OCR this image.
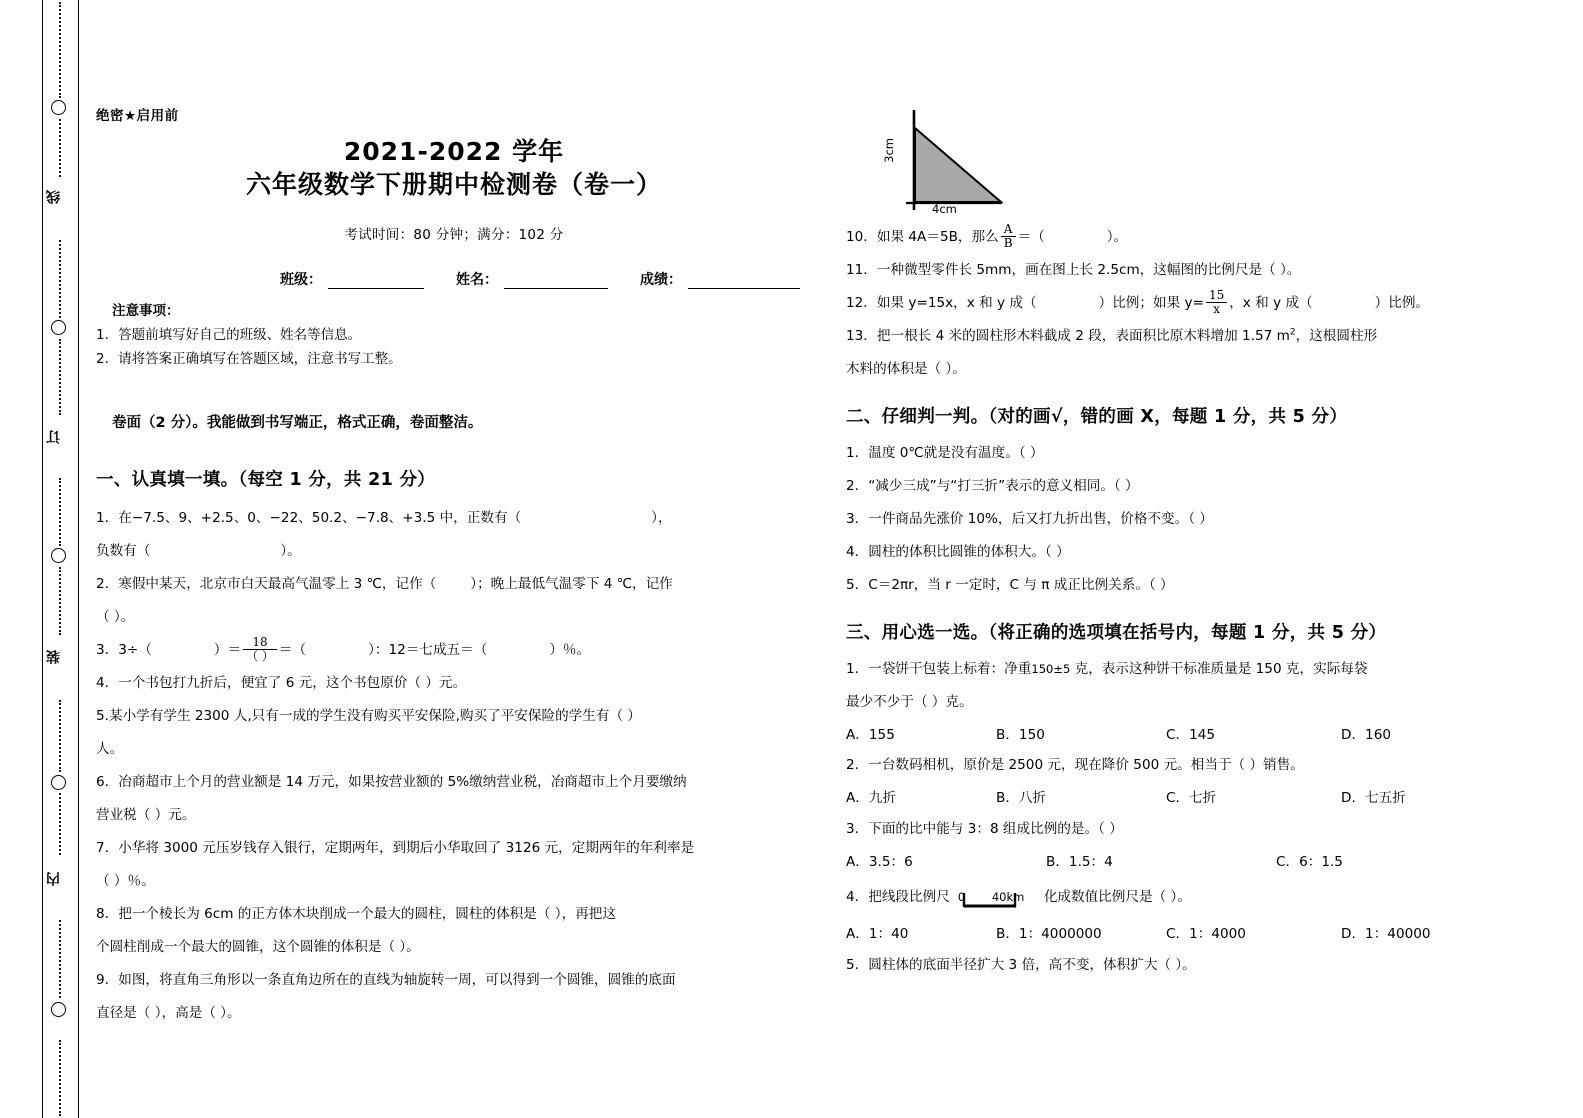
线
订
装
内
绝密★启用前
2021-2022 学年
六年级数学下册期中检测卷（卷一）
考试时间：80 分钟；满分：102 分
班级：	姓名：	成绩：
注意事项：
1．答题前填写好自己的班级、姓名等信息。
2．请将答案正确填写在答题区域，注意书写工整。
卷面（2 分）。我能做到书写端正，格式正确，卷面整洁。
一、认真填一填。（每空 1 分，共 21 分）
1．在−7.5、9、+2.5、0、−22、50.2、−7.8、+3.5 中，正数有（	），
负数有（	）。
2．寒假中某天，北京市白天最高气温零上 3 ℃，记作（	）；晚上最低气温零下 4 ℃，记作
（ ）。
3．3÷（	）＝ $\frac{18}{( )}$ ＝（	）：12＝七成五＝（	）％。
4．一个书包打九折后，便宜了 6 元，这个书包原价（ ）元。
5.某小学有学生 2300 人,只有一成的学生没有购买平安保险,购买了平安保险的学生有（ ）
人。
6．冶商超市上个月的营业额是 14 万元，如果按营业额的 5%缴纳营业税，冶商超市上个月要缴纳
营业税（ ）元。
7．小华将 3000 元压岁钱存入银行，定期两年，到期后小华取回了 3126 元，定期两年的年利率是
（ ）％。
8．把一个棱长为 6cm 的正方体木块削成一个最大的圆柱，圆柱的体积是（ ），再把这
个圆柱削成一个最大的圆锥，这个圆锥的体积是（ ）。
9．如图，将直角三角形以一条直角边所在的直线为轴旋转一周，可以得到一个圆锥，圆锥的底面
直径是（ ），高是（ ）。
3cm
4cm
10．如果 4A＝5B，那么 $\frac{A}{B}$ ＝（	）。
11．一种微型零件长 5mm，画在图上长 2.5cm，这幅图的比例尺是（ ）。
12．如果 y=15x，x 和 y 成（	）比例；如果 $y= \frac{15}{x}$ ，x 和 y 成（	）比例。
13．把一根长 4 米的圆柱形木料截成 2 段，表面积比原木料增加 1.57 $m^2$，这根圆柱形
木料的体积是（ ）。
二、仔细判一判。（对的画√，错的画 X，每题 1 分，共 5 分）
1．温度 0℃就是没有温度。（ ）
2．“减少三成”与“打三折”表示的意义相同。（ ）
3．一件商品先涨价 10%，后又打九折出售，价格不变。（ ）
4．圆柱的体积比圆锥的体积大。（ ）
5．C＝2πr，当 r 一定时，C 与 π 成正比例关系。（ ）
三、用心选一选。（将正确的选项填在括号内，每题 1 分，共 5 分）
1．一袋饼干包装上标着：净重150±5 克，表示这种饼干标准质量是 150 克，实际每袋
最少不少于（ ）克。
A．155	B．150	C．145	D．160
2．一台数码相机，原价是 2500 元，现在降价 500 元。相当于（ ）销售。
A．九折	B．八折	C．七折	D．七五折
3．下面的比中能与 3：8 组成比例的是。（ ）
A．3.5：6	B．1.5：4	C．6：1.5
4．把线段比例尺 0 40km 化成数值比例尺是（ ）。
A．1：40	B．1：4000000	C．1：4000	D．1：40000
5．圆柱体的底面半径扩大 3 倍，高不变，体积扩大（ ）。
